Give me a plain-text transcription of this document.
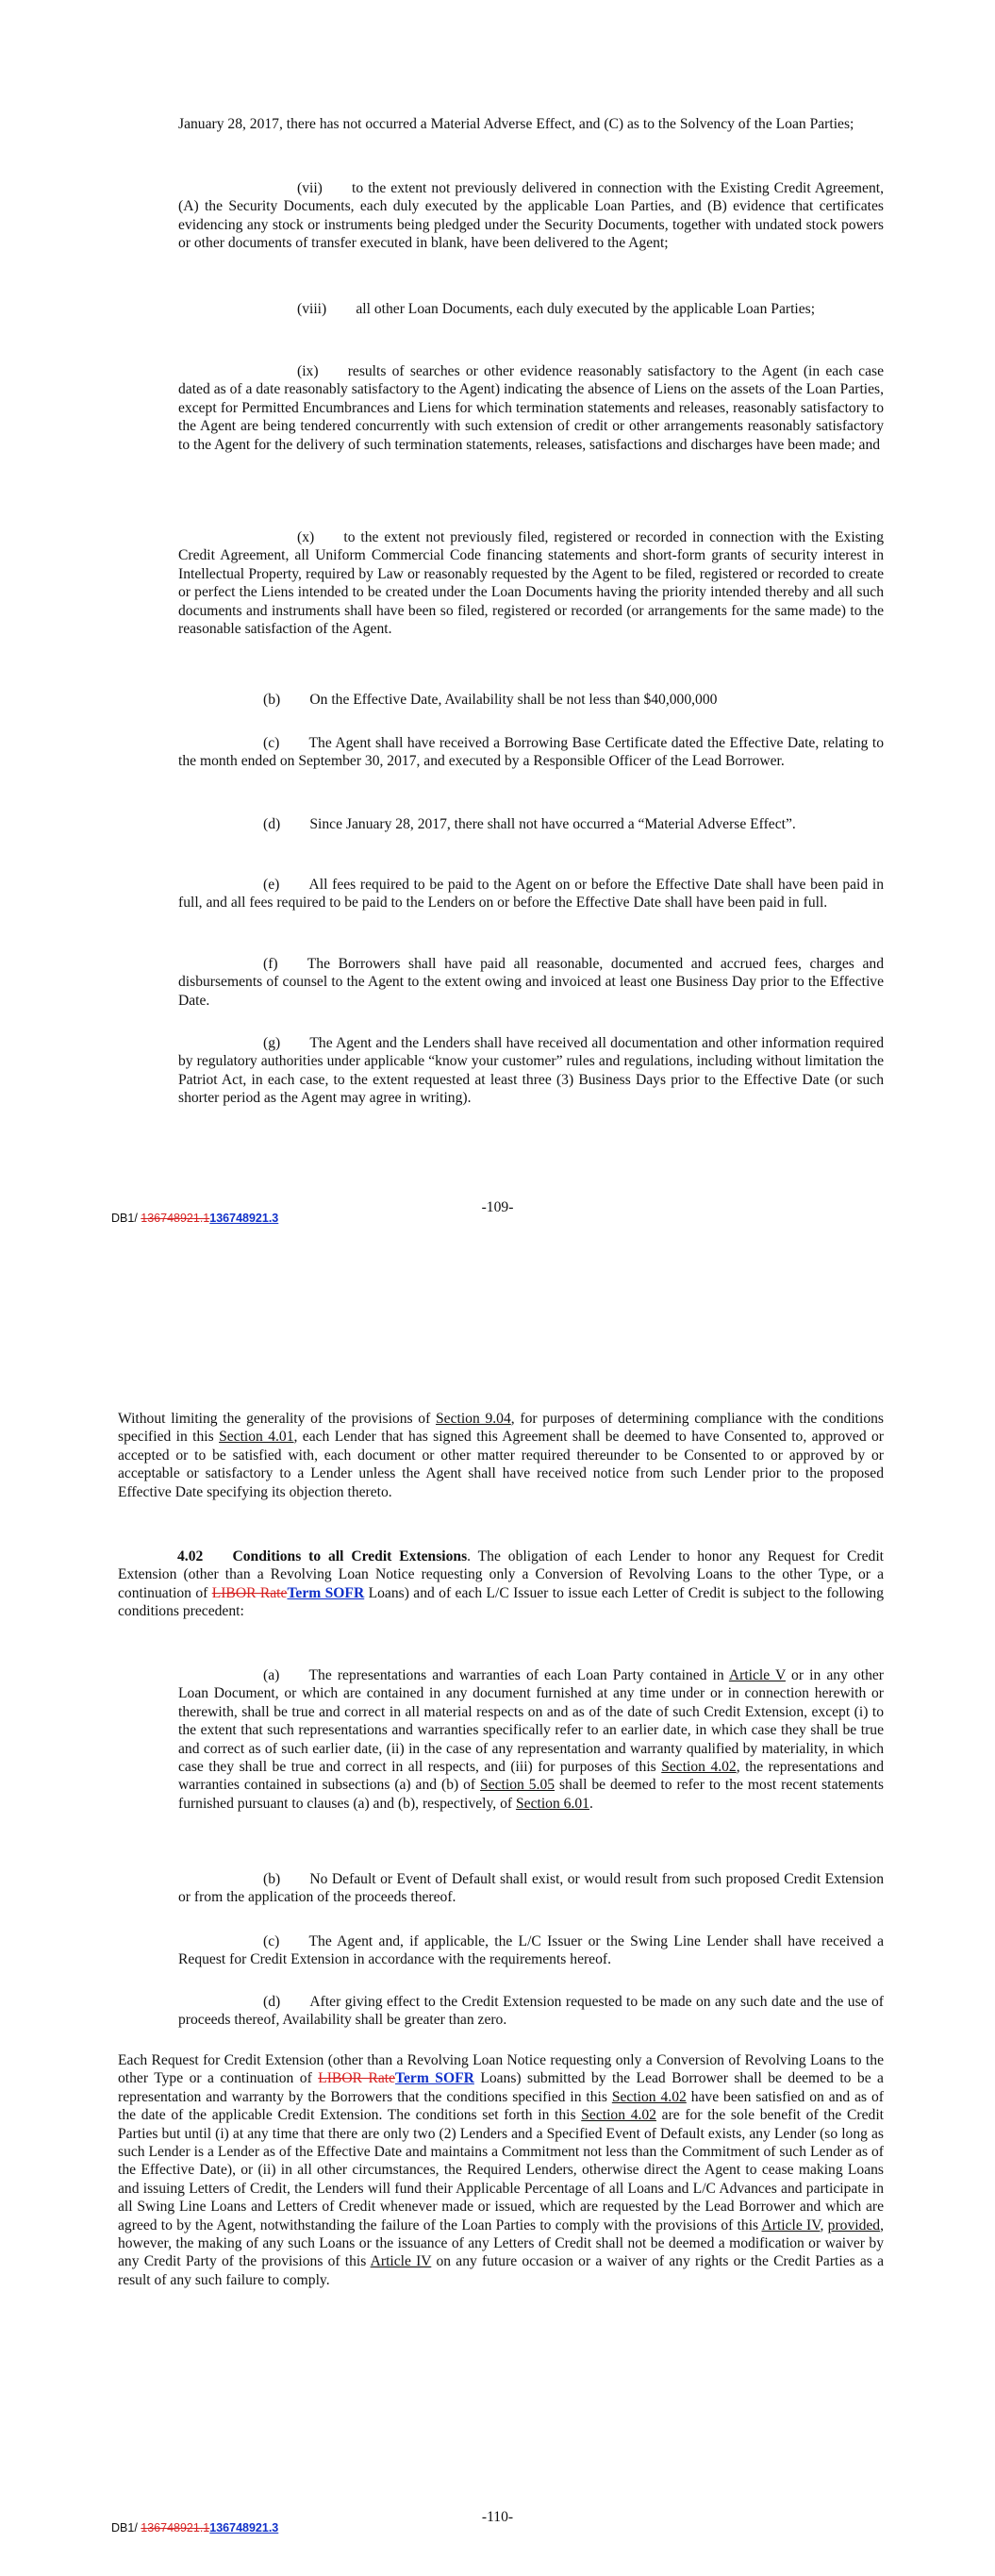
January 28, 2017, there has not occurred a Material Adverse Effect, and (C) as to the Solvency of the Loan Parties;

(vii)  to the extent not previously delivered in connection with the Existing Credit Agreement, (A) the Security Documents, each duly executed by the applicable Loan Parties, and (B) evidence that certificates evidencing any stock or instruments being pledged under the Security Documents, together with undated stock powers or other documents of transfer executed in blank, have been delivered to the Agent;

(viii)  all other Loan Documents, each duly executed by the applicable Loan Parties;

(ix)  results of searches or other evidence reasonably satisfactory to the Agent (in each case dated as of a date reasonably satisfactory to the Agent) indicating the absence of Liens on the assets of the Loan Parties, except for Permitted Encumbrances and Liens for which termination statements and releases, reasonably satisfactory to the Agent are being tendered concurrently with such extension of credit or other arrangements reasonably satisfactory to the Agent for the delivery of such termination statements, releases, satisfactions and discharges have been made; and

(x)  to the extent not previously filed, registered or recorded in connection with the Existing Credit Agreement, all Uniform Commercial Code financing statements and short-form grants of security interest in Intellectual Property, required by Law or reasonably requested by the Agent to be filed, registered or recorded to create or perfect the Liens intended to be created under the Loan Documents having the priority intended thereby and all such documents and instruments shall have been so filed, registered or recorded (or arrangements for the same made) to the reasonable satisfaction of the Agent.

(b)  On the Effective Date, Availability shall be not less than $40,000,000

(c)  The Agent shall have received a Borrowing Base Certificate dated the Effective Date, relating to the month ended on September 30, 2017, and executed by a Responsible Officer of the Lead Borrower.

(d)  Since January 28, 2017, there shall not have occurred a “Material Adverse Effect”.

(e)  All fees required to be paid to the Agent on or before the Effective Date shall have been paid in full, and all fees required to be paid to the Lenders on or before the Effective Date shall have been paid in full.

(f)  The Borrowers shall have paid all reasonable, documented and accrued fees, charges and disbursements of counsel to the Agent to the extent owing and invoiced at least one Business Day prior to the Effective Date.

(g)  The Agent and the Lenders shall have received all documentation and other information required by regulatory authorities under applicable “know your customer” rules and regulations, including without limitation the Patriot Act, in each case, to the extent requested at least three (3) Business Days prior to the Effective Date (or such shorter period as the Agent may agree in writing).

-109-
DB1/ 136748921.1136748921.3

Without limiting the generality of the provisions of Section 9.04, for purposes of determining compliance with the conditions specified in this Section 4.01, each Lender that has signed this Agreement shall be deemed to have Consented to, approved or accepted or to be satisfied with, each document or other matter required thereunder to be Consented to or approved by or acceptable or satisfactory to a Lender unless the Agent shall have received notice from such Lender prior to the proposed Effective Date specifying its objection thereto.

4.02  Conditions to all Credit Extensions. The obligation of each Lender to honor any Request for Credit Extension (other than a Revolving Loan Notice requesting only a Conversion of Revolving Loans to the other Type, or a continuation of LIBOR RateTerm SOFR Loans) and of each L/C Issuer to issue each Letter of Credit is subject to the following conditions precedent:

(a)  The representations and warranties of each Loan Party contained in Article V or in any other Loan Document, or which are contained in any document furnished at any time under or in connection herewith or therewith, shall be true and correct in all material respects on and as of the date of such Credit Extension, except (i) to the extent that such representations and warranties specifically refer to an earlier date, in which case they shall be true and correct as of such earlier date, (ii) in the case of any representation and warranty qualified by materiality, in which case they shall be true and correct in all respects, and (iii) for purposes of this Section 4.02, the representations and warranties contained in subsections (a) and (b) of Section 5.05 shall be deemed to refer to the most recent statements furnished pursuant to clauses (a) and (b), respectively, of Section 6.01.

(b)  No Default or Event of Default shall exist, or would result from such proposed Credit Extension or from the application of the proceeds thereof.

(c)  The Agent and, if applicable, the L/C Issuer or the Swing Line Lender shall have received a Request for Credit Extension in accordance with the requirements hereof.

(d)  After giving effect to the Credit Extension requested to be made on any such date and the use of proceeds thereof, Availability shall be greater than zero.

Each Request for Credit Extension (other than a Revolving Loan Notice requesting only a Conversion of Revolving Loans to the other Type or a continuation of LIBOR RateTerm SOFR Loans) submitted by the Lead Borrower shall be deemed to be a representation and warranty by the Borrowers that the conditions specified in this Section 4.02 have been satisfied on and as of the date of the applicable Credit Extension. The conditions set forth in this Section 4.02 are for the sole benefit of the Credit Parties but until (i) at any time that there are only two (2) Lenders and a Specified Event of Default exists, any Lender (so long as such Lender is a Lender as of the Effective Date and maintains a Commitment not less than the Commitment of such Lender as of the Effective Date), or (ii) in all other circumstances, the Required Lenders, otherwise direct the Agent to cease making Loans and issuing Letters of Credit, the Lenders will fund their Applicable Percentage of all Loans and L/C Advances and participate in all Swing Line Loans and Letters of Credit whenever made or issued, which are requested by the Lead Borrower and which are agreed to by the Agent, notwithstanding the failure of the Loan Parties to comply with the provisions of this Article IV, provided, however, the making of any such Loans or the issuance of any Letters of Credit shall not be deemed a modification or waiver by any Credit Party of the provisions of this Article IV on any future occasion or a waiver of any rights or the Credit Parties as a result of any such failure to comply.

-110-
DB1/ 136748921.1136748921.3
